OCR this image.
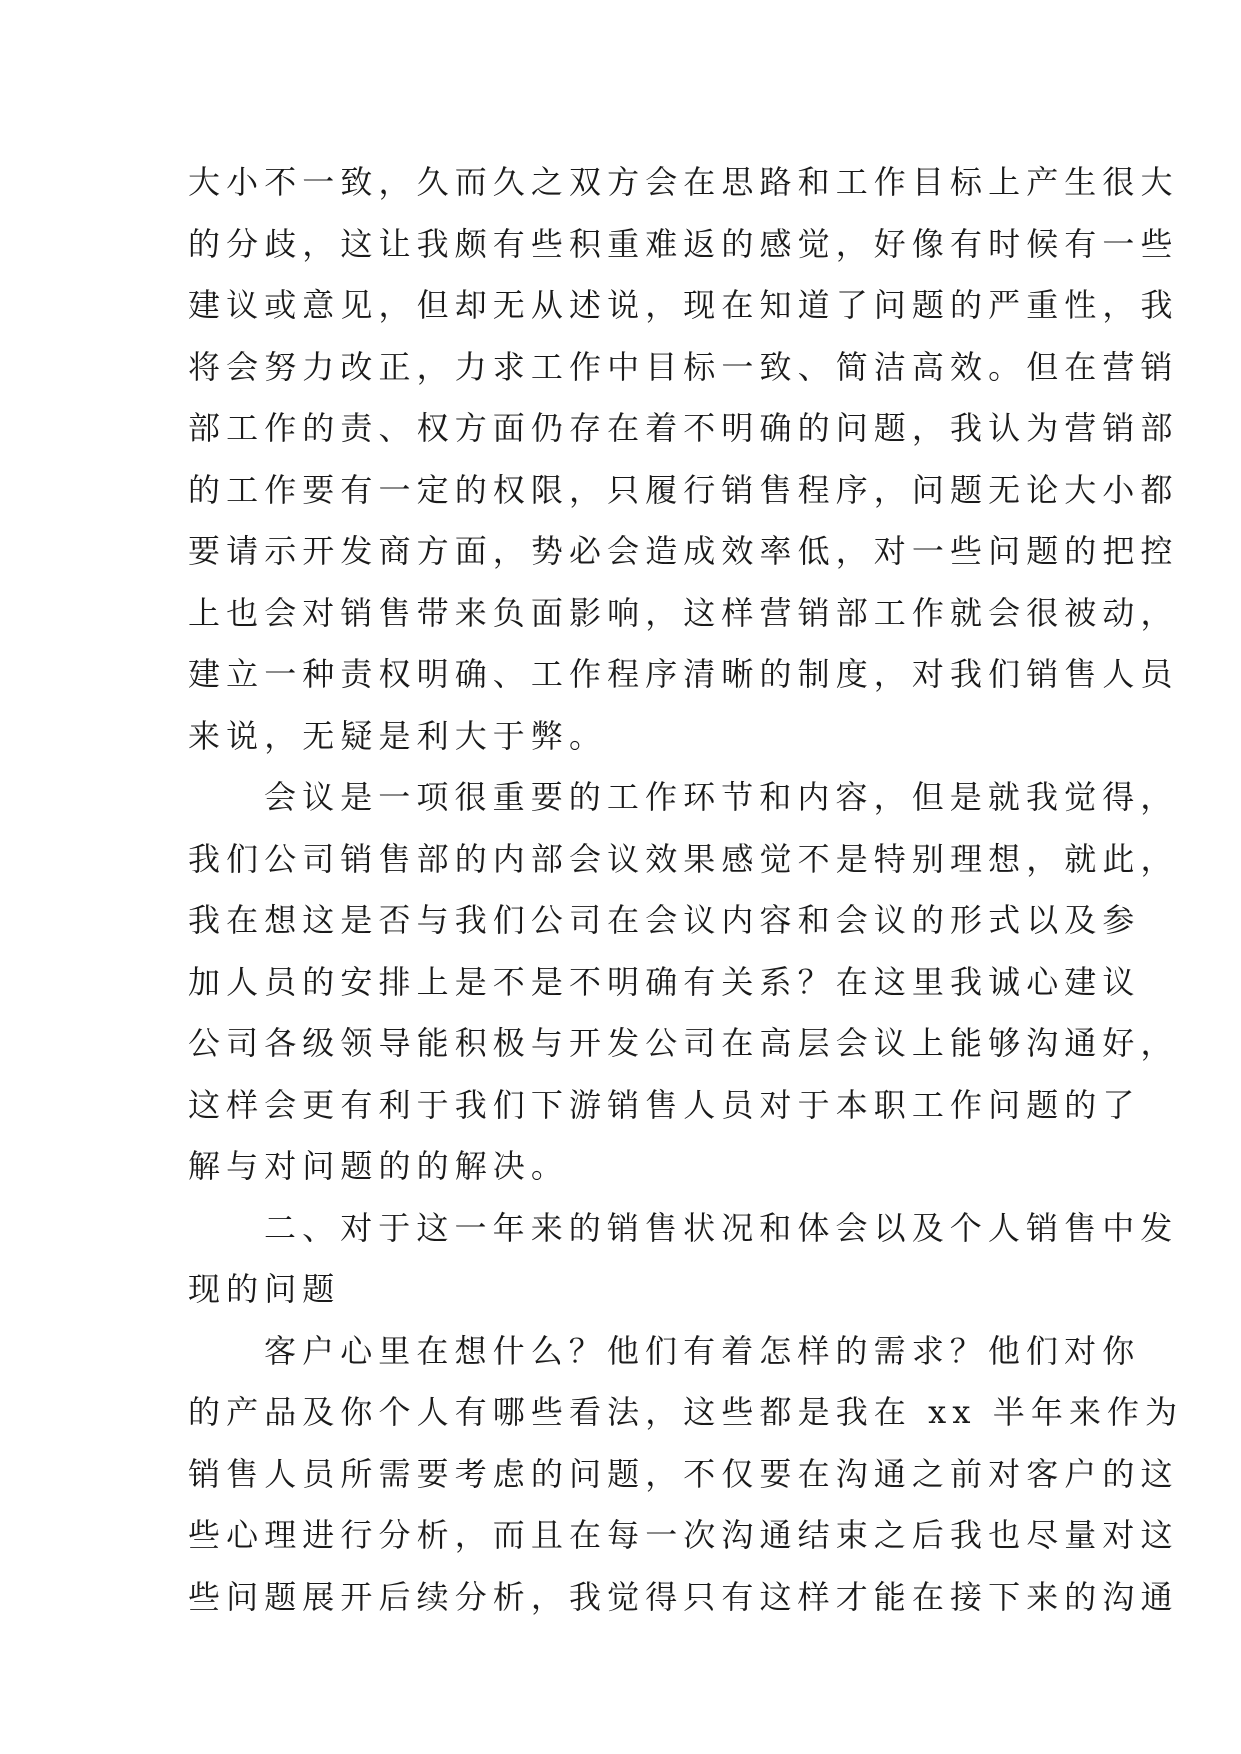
大小不一致，久而久之双方会在思路和工作目标上产生很大
的分歧，这让我颇有些积重难返的感觉，好像有时候有一些
建议或意见，但却无从述说，现在知道了问题的严重性，我
将会努力改正，力求工作中目标一致、简洁高效。但在营销
部工作的责、权方面仍存在着不明确的问题，我认为营销部
的工作要有一定的权限，只履行销售程序，问题无论大小都
要请示开发商方面，势必会造成效率低，对一些问题的把控
上也会对销售带来负面影响，这样营销部工作就会很被动，
建立一种责权明确、工作程序清晰的制度，对我们销售人员
来说，无疑是利大于弊。
会议是一项很重要的工作环节和内容，但是就我觉得，
我们公司销售部的内部会议效果感觉不是特别理想，就此，
我在想这是否与我们公司在会议内容和会议的形式以及参
加人员的安排上是不是不明确有关系？在这里我诚心建议
公司各级领导能积极与开发公司在高层会议上能够沟通好，
这样会更有利于我们下游销售人员对于本职工作问题的了
解与对问题的的解决。
二、对于这一年来的销售状况和体会以及个人销售中发
现的问题
客户心里在想什么？他们有着怎样的需求？他们对你
的产品及你个人有哪些看法，这些都是我在 xx 半年来作为
销售人员所需要考虑的问题，不仅要在沟通之前对客户的这
些心理进行分析，而且在每一次沟通结束之后我也尽量对这
些问题展开后续分析，我觉得只有这样才能在接下来的沟通
